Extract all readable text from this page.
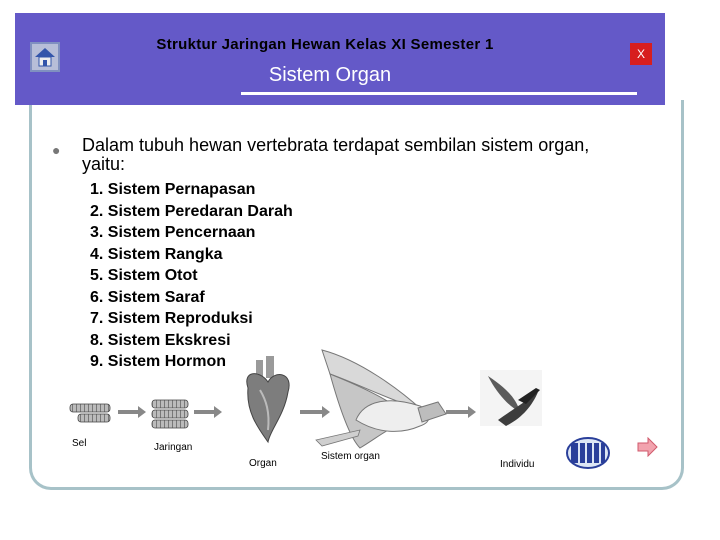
Struktur Jaringan Hewan Kelas XI Semester 1
Sistem Organ
X
● Dalam tubuh hewan vertebrata terdapat sembilan sistem organ, yaitu:
1. Sistem Pernapasan
2. Sistem Peredaran Darah
3. Sistem Pencernaan
4. Sistem Rangka
5. Sistem Otot
6. Sistem Saraf
7. Sistem Reproduksi
8. Sistem Ekskresi
9. Sistem Hormon
Sel	Jaringan
Organ
Sistem organ
Individu
